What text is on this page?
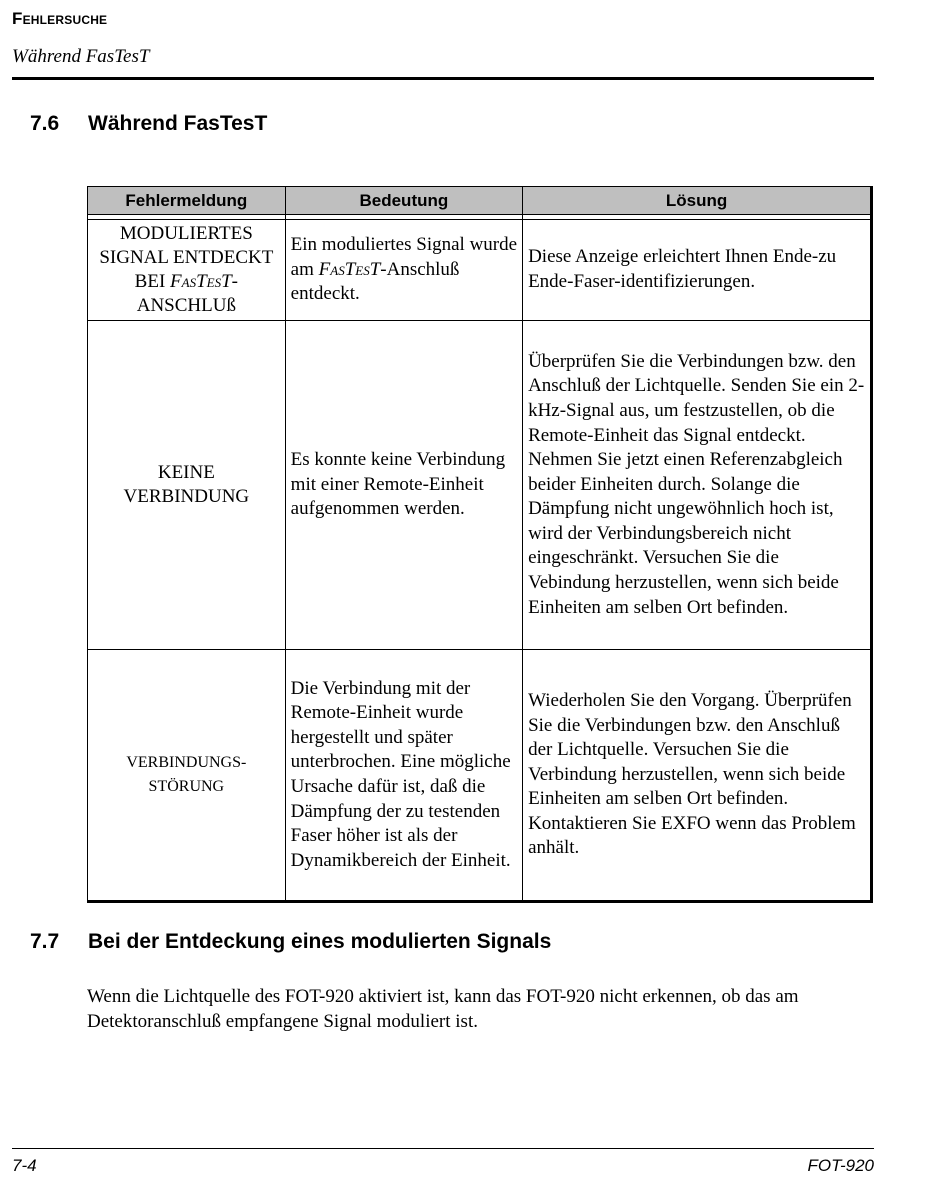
Fehlersuche
Während FasTesT
7.6 Während FasTesT
Fehlermeldung	Bedeutung	Lösung

MODULIERTES
SIGNAL ENTDECKT
BEI FasTesT-
ANSCHLUß	Ein moduliertes Signal wurde am FasTesT-Anschluß entdeckt.	Diese Anzeige erleichtert Ihnen Ende-zu Ende-Faser-identifizierungen.
KEINE
VERBINDUNG	Es konnte keine Verbindung mit einer Remote-Einheit aufgenommen werden.	Überprüfen Sie die Verbindungen bzw. den Anschluß der Lichtquelle. Senden Sie ein 2-kHz-Signal aus, um festzustellen, ob die Remote-Einheit das Signal entdeckt. Nehmen Sie jetzt einen Referenzabgleich beider Einheiten durch. Solange die Dämpfung nicht ungewöhnlich hoch ist, wird der Verbindungsbereich nicht eingeschränkt. Versuchen Sie die Vebindung herzustellen, wenn sich beide Einheiten am selben Ort befinden.
VERBINDUNGS-
STÖRUNG	Die Verbindung mit der Remote-Einheit wurde hergestellt und später unterbrochen. Eine mögliche Ursache dafür ist, daß die Dämpfung der zu testenden Faser höher ist als der Dynamikbereich der Einheit.	Wiederholen Sie den Vorgang. Überprüfen Sie die Verbindungen bzw. den Anschluß der Lichtquelle. Versuchen Sie die Verbindung herzustellen, wenn sich beide Einheiten am selben Ort befinden. Kontaktieren Sie EXFO wenn das Problem anhält.
7.7 Bei der Entdeckung eines modulierten Signals
Wenn die Lichtquelle des FOT-920 aktiviert ist, kann das FOT-920 nicht erkennen, ob das am Detektoranschluß empfangene Signal moduliert ist.
7-4	FOT-920
